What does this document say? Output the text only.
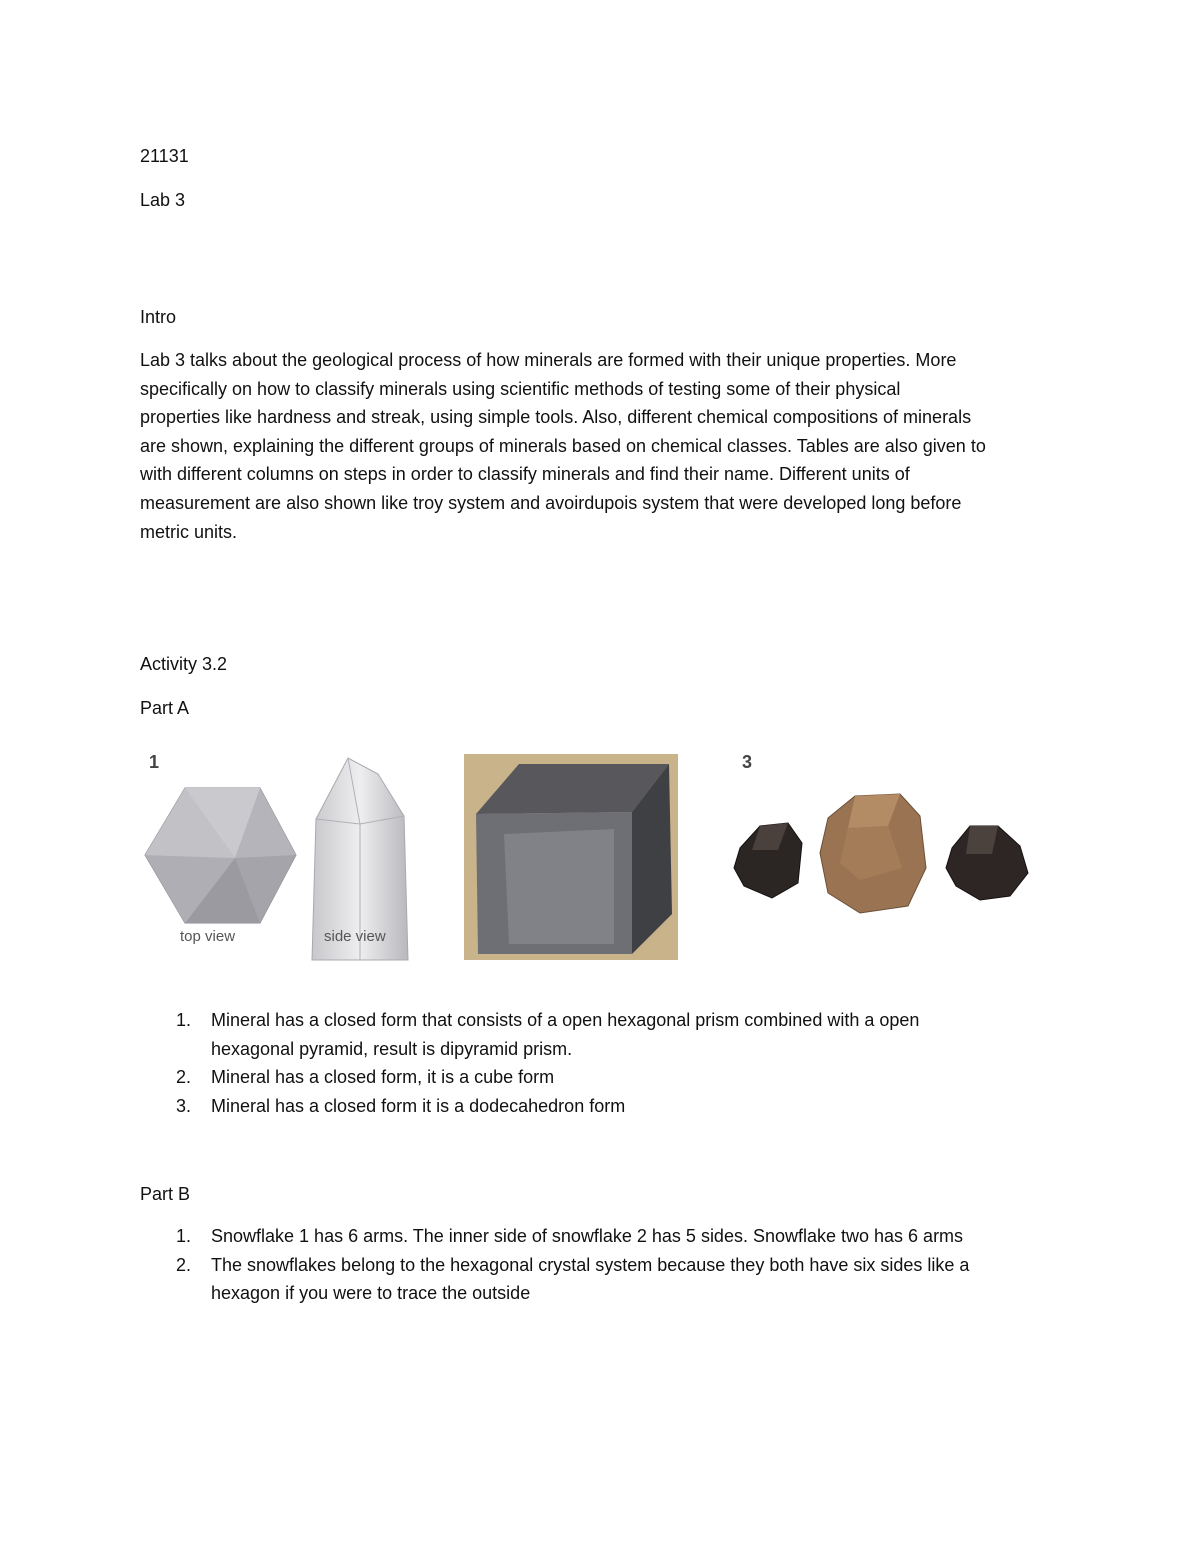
21131
Lab 3
Intro

Lab 3 talks about the geological process of how minerals are formed with their unique properties. More
specifically on how to classify minerals using scientific methods of testing some of their physical
properties like hardness and streak, using simple tools. Also, different chemical compositions of minerals
are shown, explaining the different groups of minerals based on chemical classes. Tables are also given to
with different columns on steps in order to classify minerals and find their name. Different units of
measurement are also shown like troy system and avoirdupois system that were developed long before
metric units.

Activity 3.2
Part A
1	3
top view	side view
1. Mineral has a closed form that consists of a open hexagonal prism combined with a open
hexagonal pyramid, result is dipyramid prism.
2. Mineral has a closed form, it is a cube form
3. Mineral has a closed form it is a dodecahedron form
Part B
1. Snowflake 1 has 6 arms. The inner side of snowflake 2 has 5 sides. Snowflake two has 6 arms
2. The snowflakes belong to the hexagonal crystal system because they both have six sides like a
hexagon if you were to trace the outside
